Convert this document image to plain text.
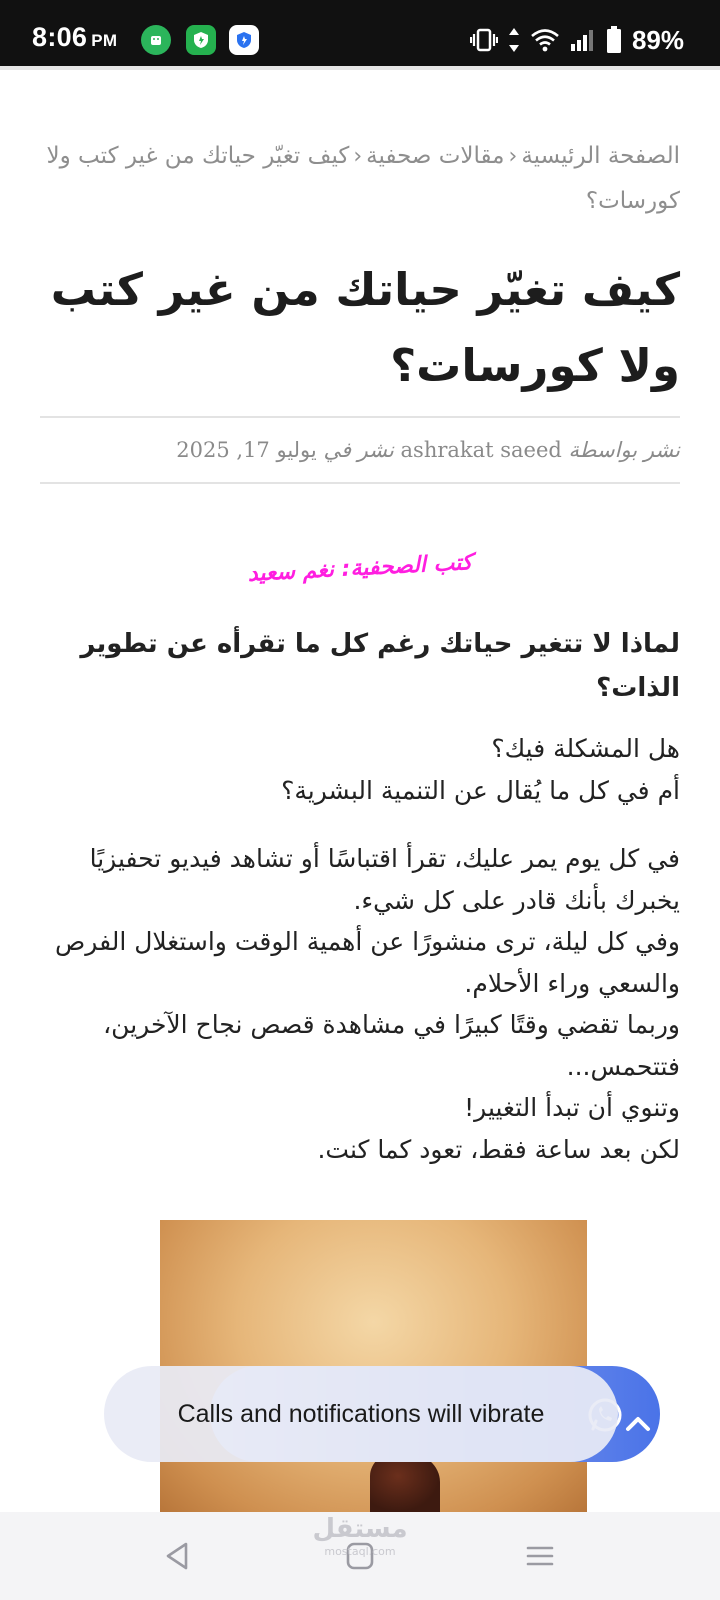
8:06 PM	89%
الصفحة الرئيسية‹مقالات صحفية‹كيف تغيّر حياتك من غير كتب ولا كورسات؟
كيف تغيّر حياتك من غير كتب ولا كورسات؟
نشر بواسطة ashrakat saeed نشر في يوليو 17, 2025
كتب الصحفية: نغم سعيد
لماذا لا تتغير حياتك رغم كل ما تقرأه عن تطوير الذات؟

هل المشكلة فيك؟
أم في كل ما يُقال عن التنمية البشرية؟

في كل يوم يمر عليك، تقرأ اقتباسًا أو تشاهد فيديو تحفيزيًا يخبرك بأنك قادر على كل شيء.
وفي كل ليلة، ترى منشورًا عن أهمية الوقت واستغلال الفرص والسعي وراء الأحلام.
وربما تقضي وقتًا كبيرًا في مشاهدة قصص نجاح الآخرين، فتتحمس...
وتنوي أن تبدأ التغيير!
لكن بعد ساعة فقط، تعود كما كنت.

Calls and notifications will vibrate
مستقل
mostaql.com
